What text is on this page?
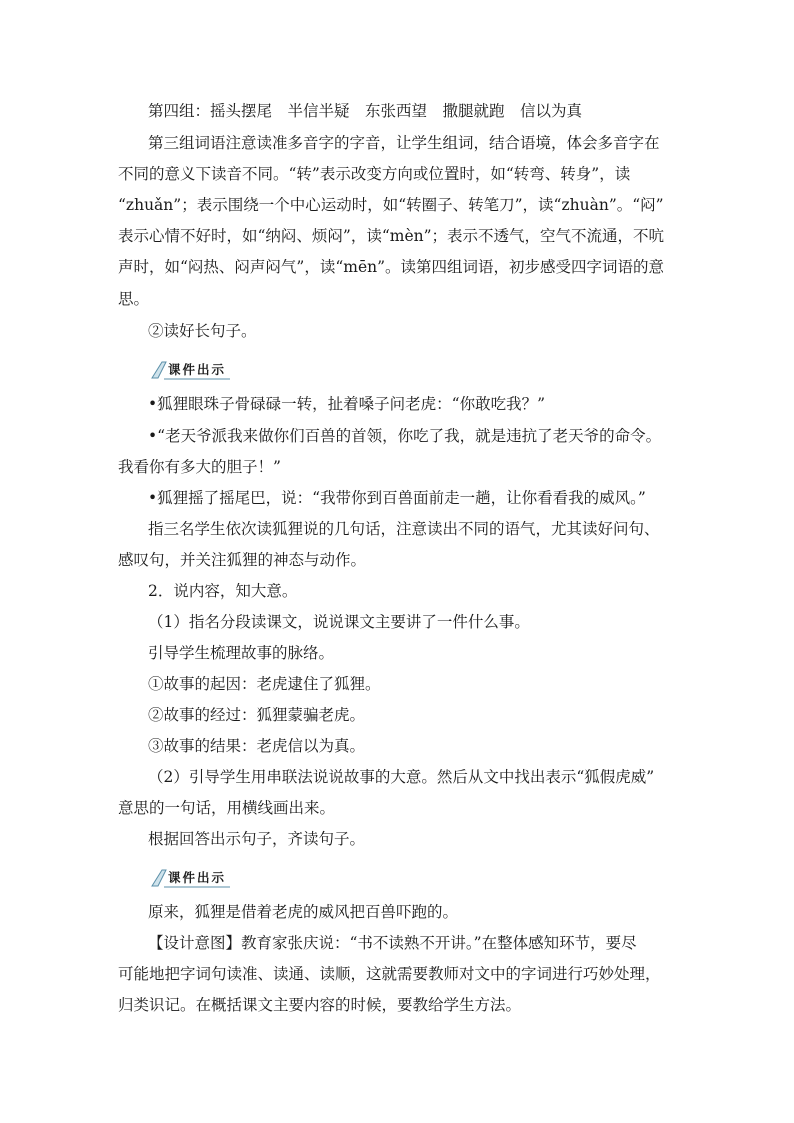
第四组：摇头摆尾　半信半疑　东张西望　撒腿就跑　信以为真
第三组词语注意读准多音字的字音，让学生组词，结合语境，体会多音字在
不同的意义下读音不同。“转”表示改变方向或位置时，如“转弯、转身”，读
“zhuǎn”；表示围绕一个中心运动时，如“转圈子、转笔刀”，读“zhuàn”。“闷”
表示心情不好时，如“纳闷、烦闷”，读“mèn”；表示不透气，空气不流通，不吭
声时，如“闷热、闷声闷气”，读“mēn”。读第四组词语，初步感受四字词语的意
思。
②读好长句子。
课件出示
•狐狸眼珠子骨碌碌一转，扯着嗓子问老虎：“你敢吃我？”
•“老天爷派我来做你们百兽的首领，你吃了我，就是违抗了老天爷的命令。
我看你有多大的胆子！”
•狐狸摇了摇尾巴，说：“我带你到百兽面前走一趟，让你看看我的威风。”
指三名学生依次读狐狸说的几句话，注意读出不同的语气，尤其读好问句、
感叹句，并关注狐狸的神态与动作。
2．说内容，知大意。
（1）指名分段读课文，说说课文主要讲了一件什么事。
引导学生梳理故事的脉络。
①故事的起因：老虎逮住了狐狸。
②故事的经过：狐狸蒙骗老虎。
③故事的结果：老虎信以为真。
（2）引导学生用串联法说说故事的大意。然后从文中找出表示“狐假虎威”
意思的一句话，用横线画出来。
根据回答出示句子，齐读句子。
课件出示
原来，狐狸是借着老虎的威风把百兽吓跑的。
【设计意图】教育家张庆说：“书不读熟不开讲。”在整体感知环节，要尽
可能地把字词句读准、读通、读顺，这就需要教师对文中的字词进行巧妙处理，
归类识记。在概括课文主要内容的时候，要教给学生方法。
